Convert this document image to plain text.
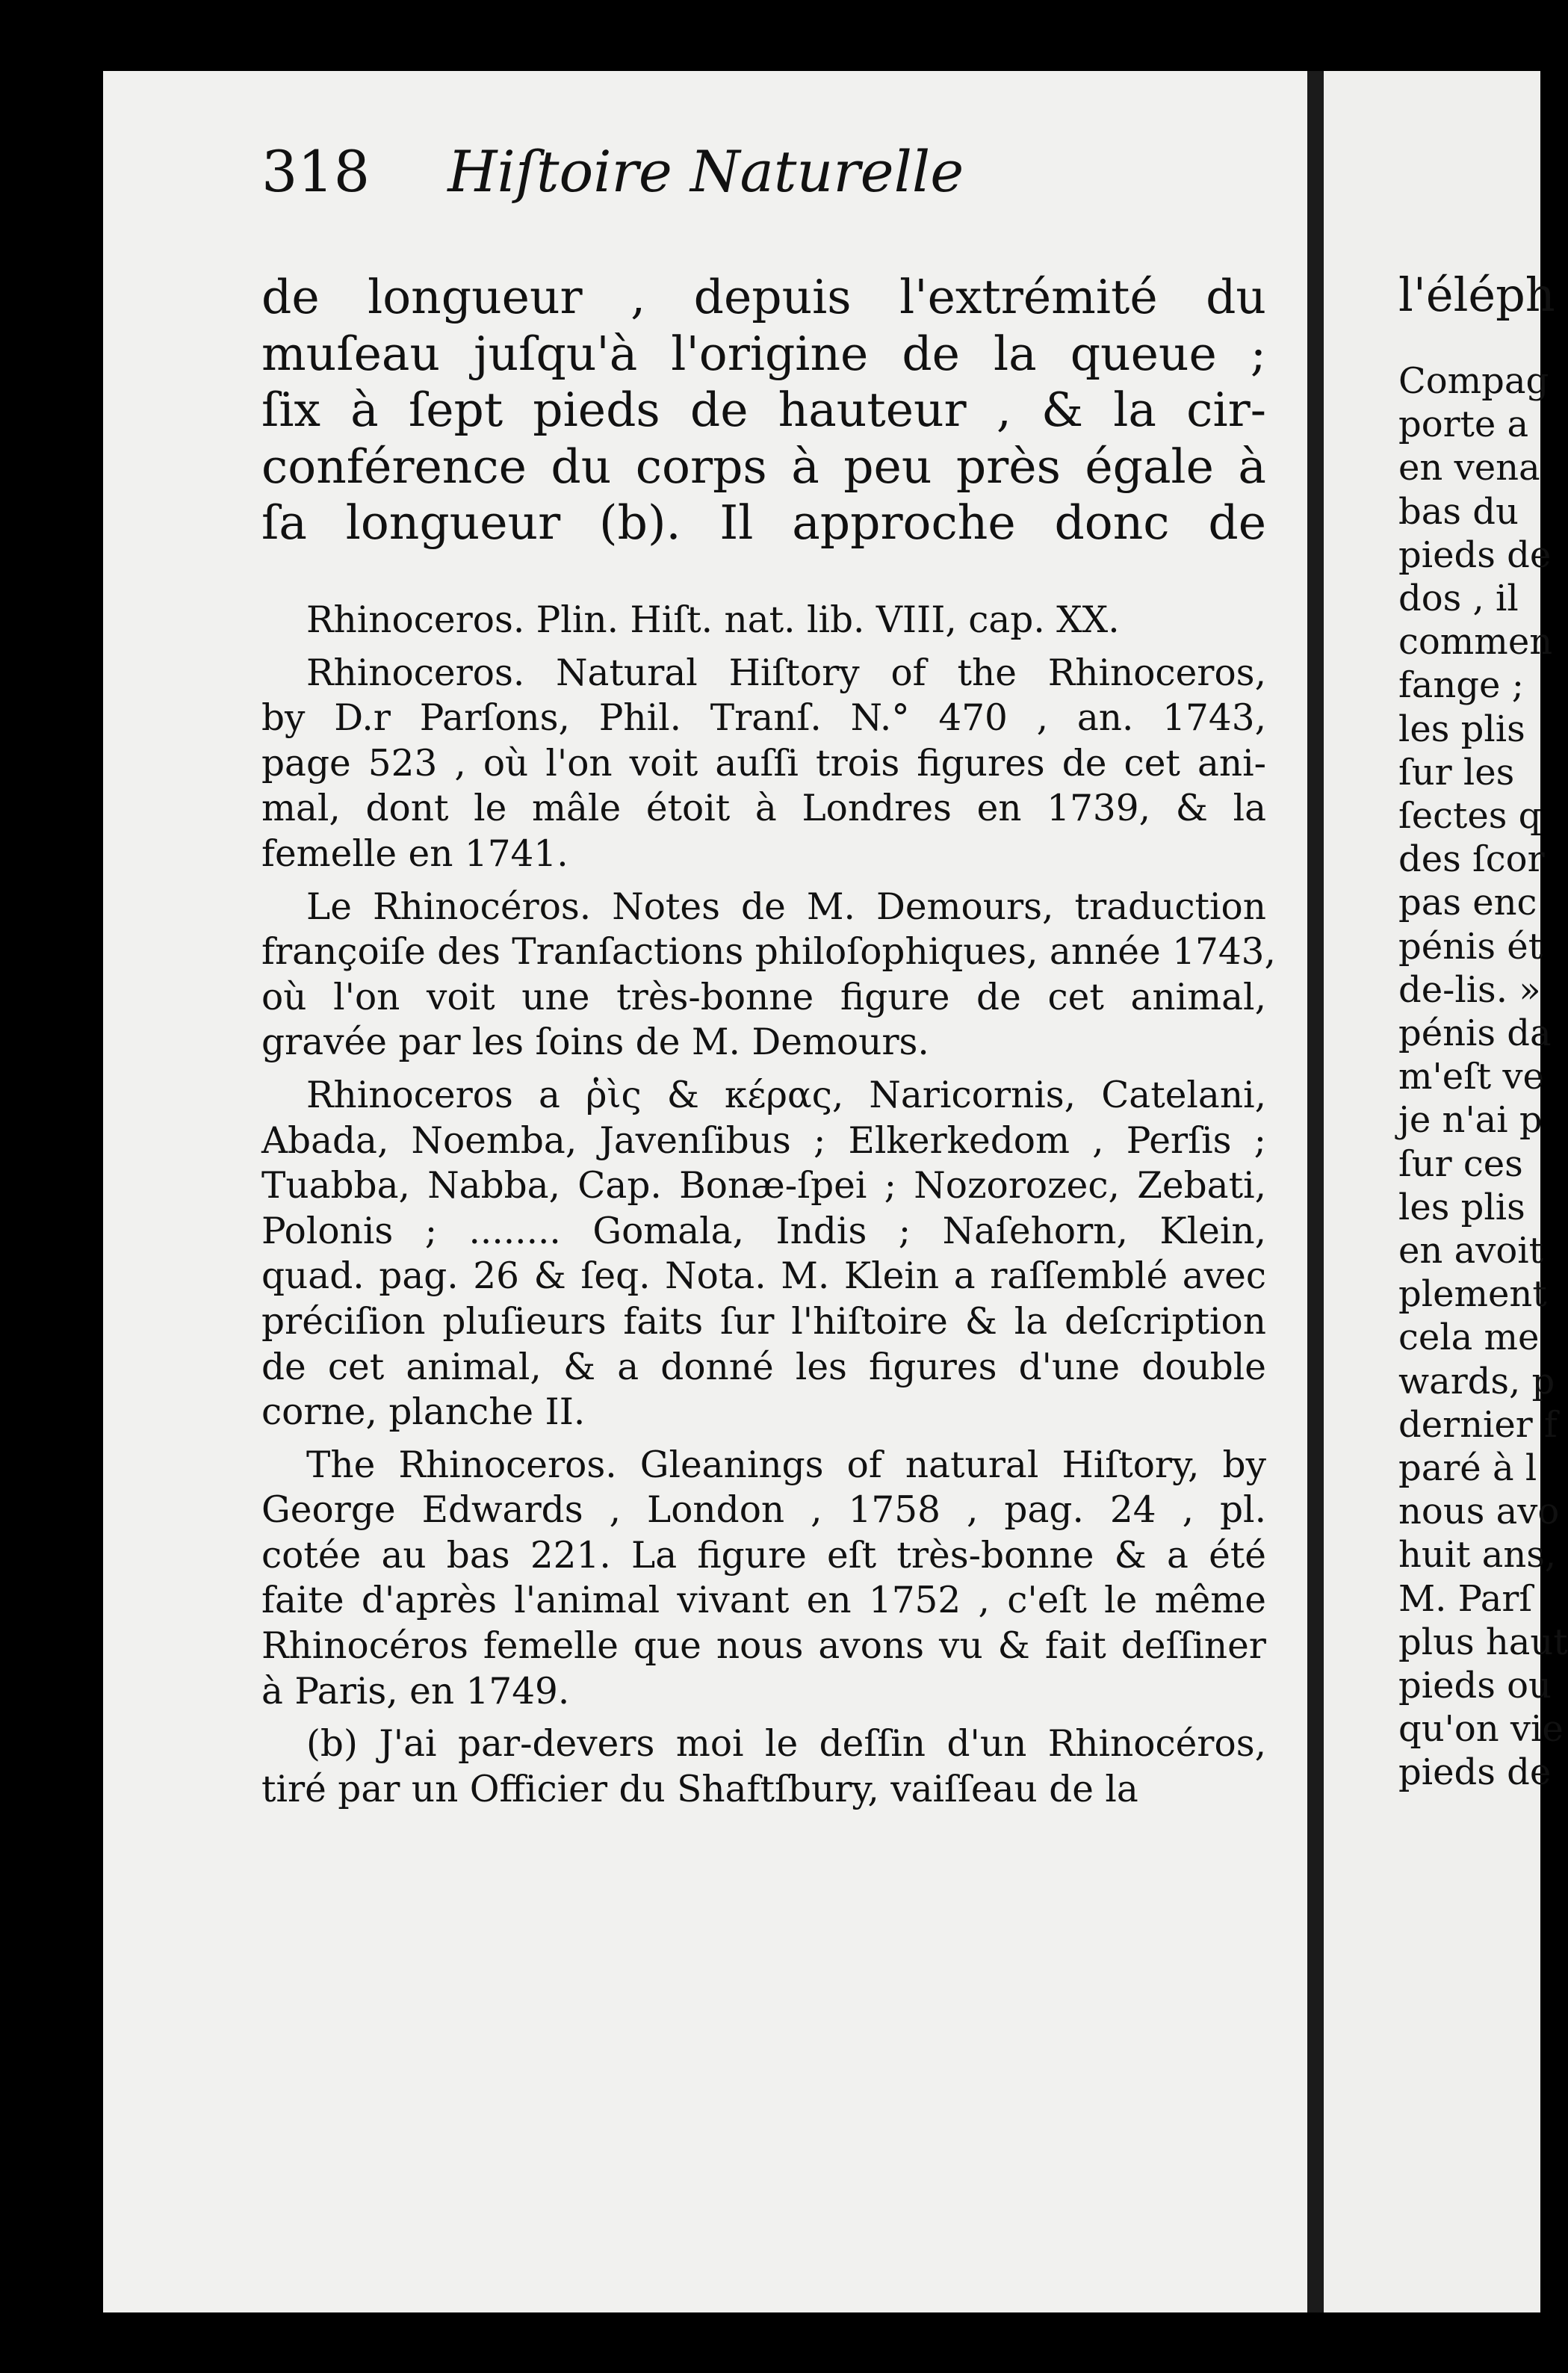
318 Hiſtoire Naturelle
de longueur , depuis l'extrémité du
muſeau juſqu'à l'origine de la queue ;
ſix à ſept pieds de hauteur , & la cir-
conférence du corps à peu près égale à
ſa longueur (b). Il approche donc de
Rhinoceros. Plin. Hiſt. nat. lib. VIII, cap. XX.
Rhinoceros. Natural Hiſtory of the Rhinoceros,
by D.r Parſons, Phil. Tranſ. N.° 470 , an. 1743,
page 523 , où l'on voit auſſi trois figures de cet ani-
mal, dont le mâle étoit à Londres en 1739, & la
femelle en 1741.
Le Rhinocéros. Notes de M. Demours, traduction
françoiſe des Tranſactions philoſophiques, année 1743,
où l'on voit une très-bonne figure de cet animal,
gravée par les ſoins de M. Demours.
Rhinoceros a ῥὶς & κέρας, Naricornis, Catelani,
Abada, Noemba, Javenſibus ; Elkerkedom , Perſis ;
Tuabba, Nabba, Cap. Bonæ-ſpei ; Nozorozec, Zebati,
Polonis ; ........ Gomala, Indis ; Naſehorn, Klein,
quad. pag. 26 & ſeq. Nota. M. Klein a raſſemblé avec
préciſion pluſieurs faits ſur l'hiſtoire & la deſcription
de cet animal, & a donné les figures d'une double
corne, planche II.
The Rhinoceros. Gleanings of natural Hiſtory, by
George Edwards , London , 1758 , pag. 24 , pl.
cotée au bas 221. La figure eſt très-bonne & a été
faite d'après l'animal vivant en 1752 , c'eſt le même
Rhinocéros femelle que nous avons vu & fait deſſiner
à Paris, en 1749.
(b) J'ai par-devers moi le deſſin d'un Rhinocéros,
tiré par un Officier du Shaftſbury, vaiſſeau de la
l'éléph
Compag
porte a
en vena
bas du
pieds de
dos , il
commen
fange ;
les plis
ſur les
ſectes q
des ſcor
pas enc
pénis ét
de-lis. »
pénis da
m'eſt ve
je n'ai p
ſur ces
les plis
en avoit
plement
cela me
wards, p
dernier f
paré à l
nous avo
huit ans,
M. Parſ
plus haut
pieds ou
qu'on vie
pieds de
